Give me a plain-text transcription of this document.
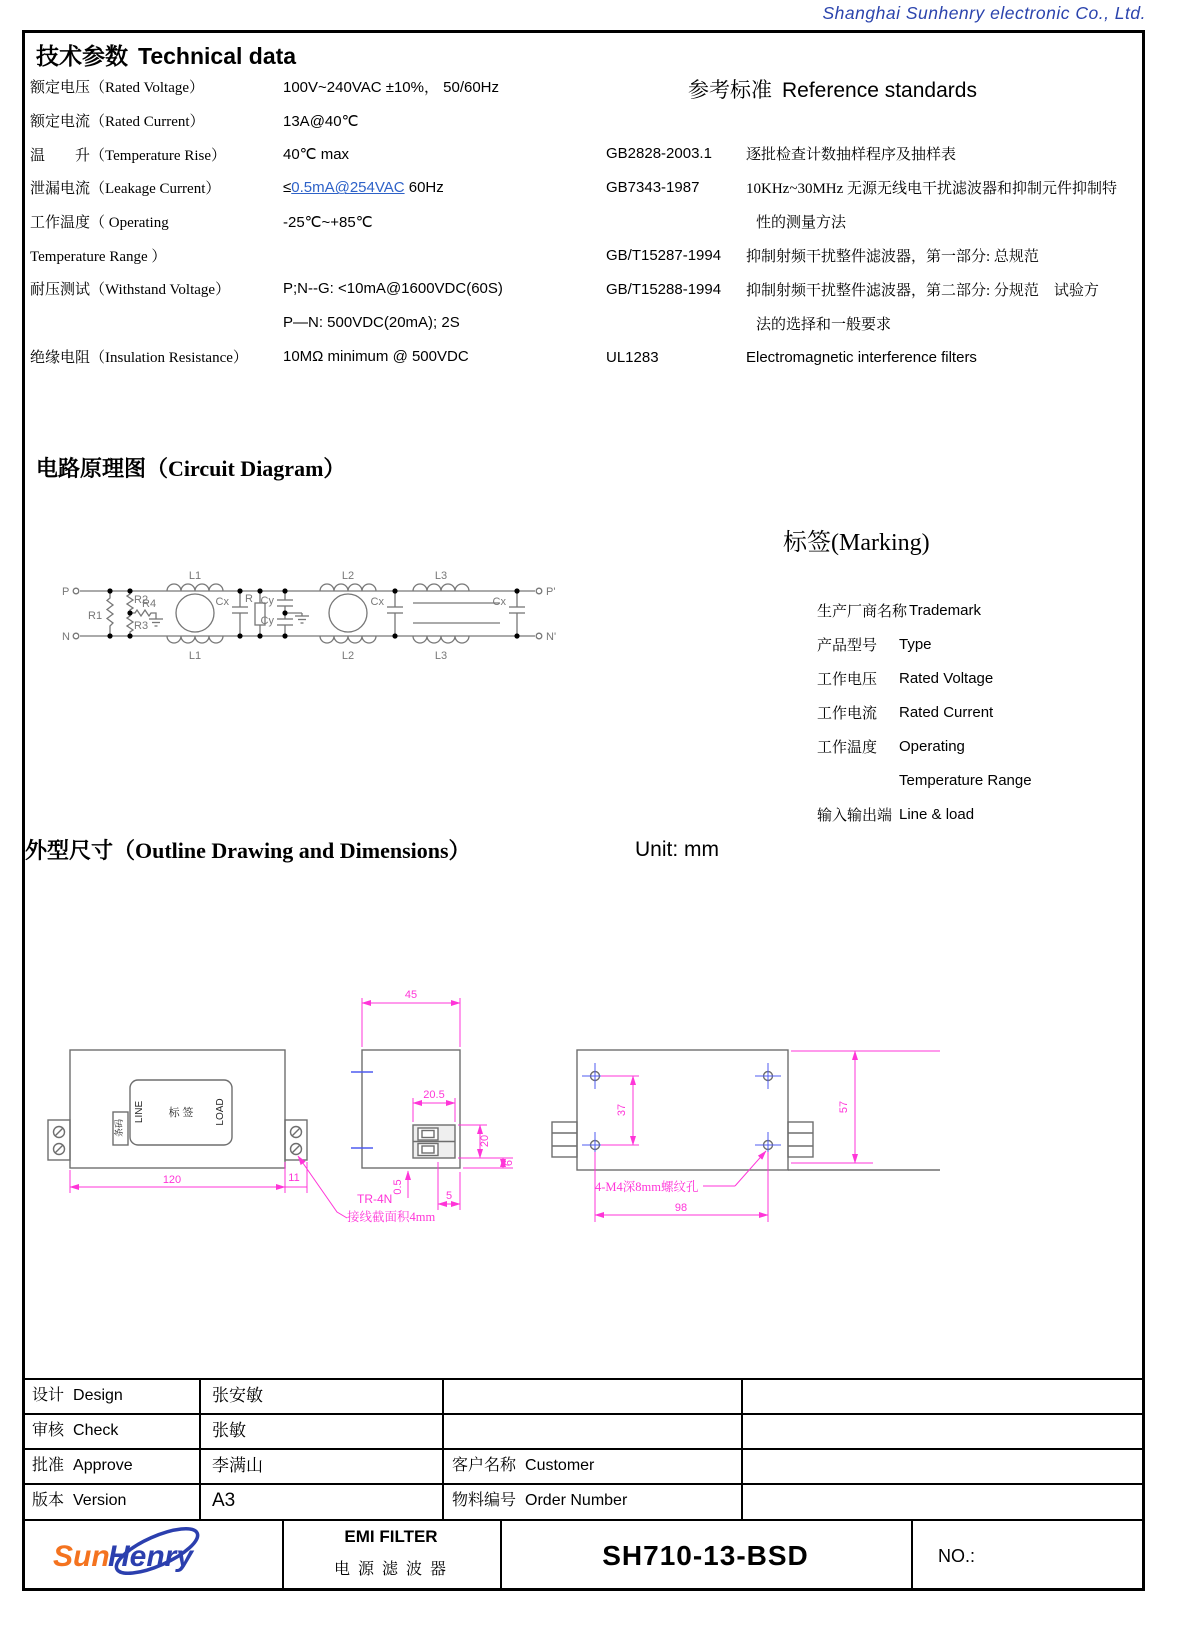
Shanghai Sunhenry electronic Co., Ltd.
技术参数 Technical data
额定电压（Rated Voltage）	100V~240VAC ±10%， 50/60Hz
额定电流（Rated Current）	13A@40℃
温　　升（Temperature Rise）	40℃ max
泄漏电流（Leakage Current）	≤0.5mA@254VAC 60Hz
工作温度（ Operating	-25℃~+85℃
Temperature Range ）
耐压测试（Withstand Voltage）	P;N--G: <10mA@1600VDC(60S)
P—N: 500VDC(20mA); 2S
绝缘电阻（Insulation Resistance）	10MΩ minimum @ 500VDC
参考标准 Reference standards
GB2828-2003.1	逐批检查计数抽样程序及抽样表
GB7343-1987	10KHz~30MHz 无源无线电干扰滤波器和抑制元件抑制特
性的测量方法
GB/T15287-1994	抑制射频干扰整件滤波器，第一部分: 总规范
GB/T15288-1994	抑制射频干扰整件滤波器，第二部分: 分规范　试验方
法的选择和一般要求
UL1283	Electromagnetic interference filters
电路原理图（Circuit Diagram）
P
N
P'
N'
R1
R2
R3
R4
L1
L1
Cx R Cy
Cy
L2
L2
Cx
L3
L3
Cx
标签(Marking)
生产厂商名称 Trademark
产品型号	Type
工作电压	Rated Voltage
工作电流	Rated Current
工作温度	Operating
Temperature Range
输入输出端 Line & load
外型尺寸（Outline Drawing and Dimensions）	Unit: mm
LINE	LOAD
标 签
条码
120	11
TR-4N
接线截面积4mm
45
20.5
20
6
0.5
5
37
98
57
4-M4深8mm螺纹孔
设计 Design	张安敏
审核 Check	张敏
批准 Approve	李满山	客户名称 Customer
版本 Version	A3	物料编号 Order Number
Sun
Henry
EMI FILTER
电 源 滤 波 器	SH710-13-BSD	NO.:
